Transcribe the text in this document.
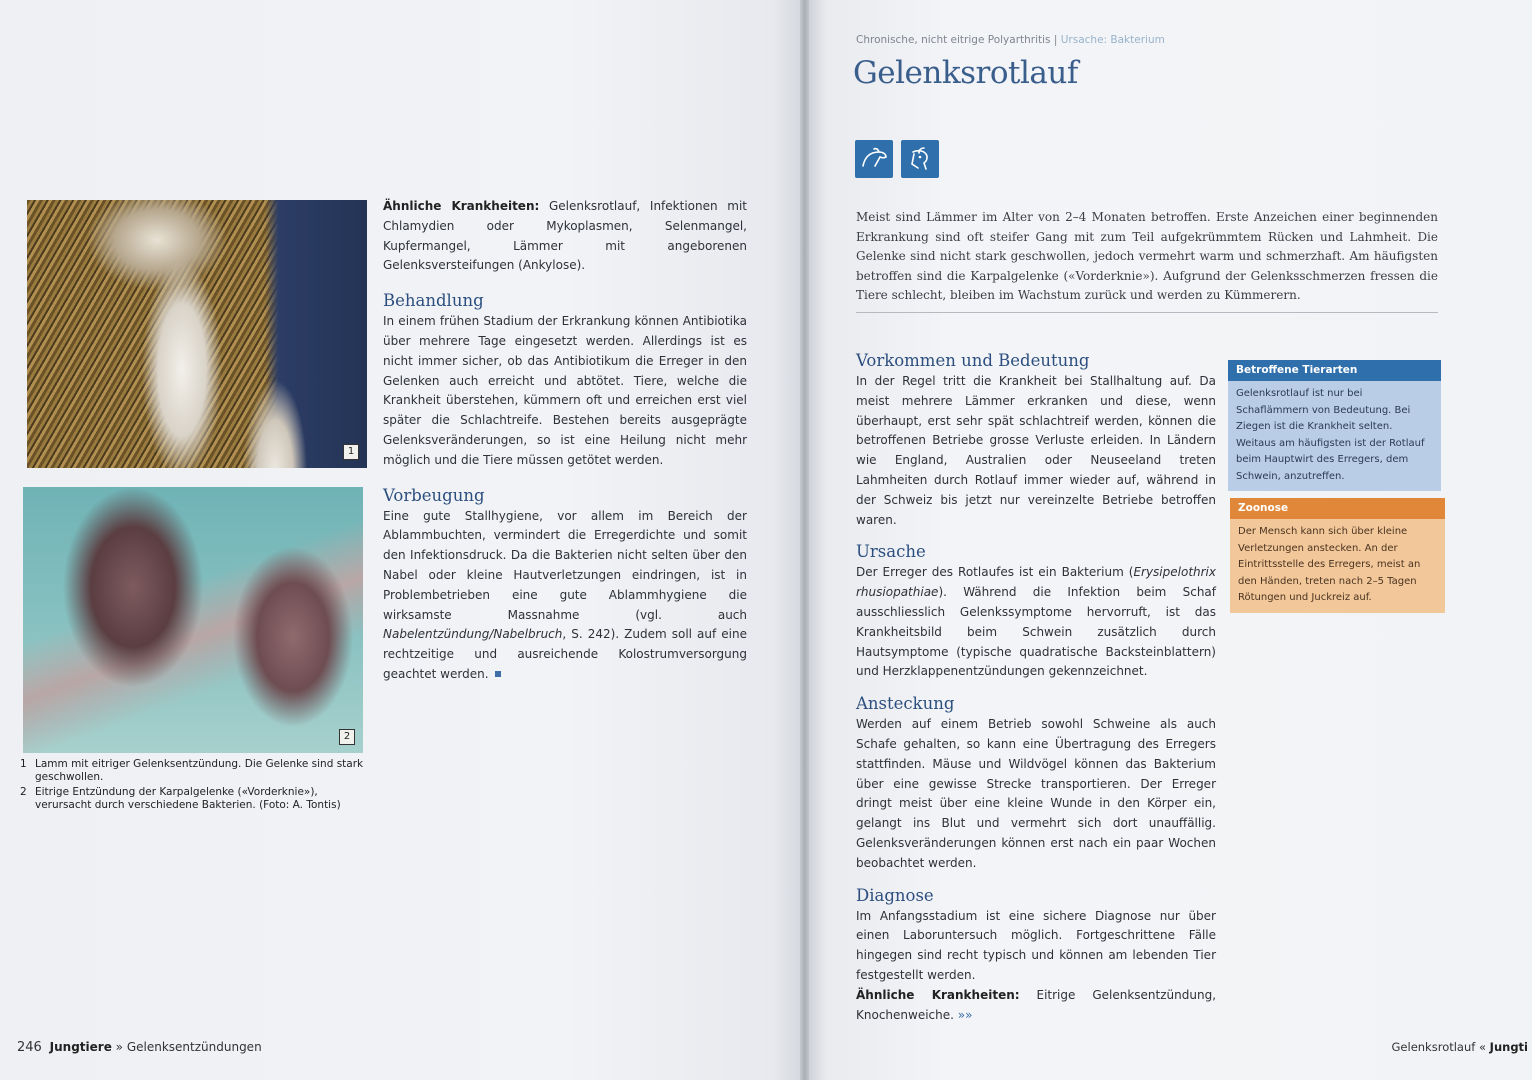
1
2
1 Lamm mit eitriger Gelenksentzündung. Die Gelenke sind stark geschwollen.
2 Eitrige Entzündung der Karpalgelenke («Vorderknie»), verursacht durch verschiedene Bakterien. (Foto: A. Tontis)

Ähnliche Krankheiten: Gelenksrotlauf, Infektionen mit Chlamydien oder Mykoplasmen, Selenmangel, Kupfermangel, Lämmer mit angeborenen Gelenksversteifungen (Ankylose).

Behandlung

In einem frühen Stadium der Erkrankung können Antibiotika über mehrere Tage eingesetzt werden. Allerdings ist es nicht immer sicher, ob das Antibiotikum die Erreger in den Gelenken auch erreicht und abtötet. Tiere, welche die Krankheit überstehen, kümmern oft und erreichen erst viel später die Schlachtreife. Bestehen bereits ausgeprägte Gelenksveränderungen, so ist eine Heilung nicht mehr möglich und die Tiere müssen getötet werden.

Vorbeugung

Eine gute Stallhygiene, vor allem im Bereich der Ablammbuchten, vermindert die Erregerdichte und somit den Infektionsdruck. Da die Bakterien nicht selten über den Nabel oder kleine Hautverletzungen eindringen, ist in Problembetrieben eine gute Ablammhygiene die wirksamste Massnahme (vgl. auch Nabelentzündung/Nabelbruch, S. 242). Zudem soll auf eine rechtzeitige und ausreichende Kolostrumversorgung geachtet werden.

246 Jungtiere » Gelenksentzündungen
Chronische, nicht eitrige Polyarthritis | Ursache: Bakterium
Gelenksrotlauf

Meist sind Lämmer im Alter von 2–4 Monaten betroffen. Erste Anzeichen einer beginnenden Erkrankung sind oft steifer Gang mit zum Teil aufgekrümmtem Rücken und Lahmheit. Die Gelenke sind nicht stark geschwollen, jedoch vermehrt warm und schmerzhaft. Am häufigsten betroffen sind die Karpalgelenke («Vorderknie»). Aufgrund der Gelenksschmerzen fressen die Tiere schlecht, bleiben im Wachstum zurück und werden zu Kümmerern.

Vorkommen und Bedeutung

In der Regel tritt die Krankheit bei Stallhaltung auf. Da meist mehrere Lämmer erkranken und diese, wenn überhaupt, erst sehr spät schlachtreif werden, können die betroffenen Betriebe grosse Verluste erleiden. In Ländern wie England, Australien oder Neuseeland treten Lahmheiten durch Rotlauf immer wieder auf, während in der Schweiz bis jetzt nur vereinzelte Betriebe betroffen waren.

Ursache

Der Erreger des Rotlaufes ist ein Bakterium (Erysipelothrix rhusiopathiae). Während die Infektion beim Schaf ausschliesslich Gelenkssymptome hervorruft, ist das Krankheitsbild beim Schwein zusätzlich durch Hautsymptome (typische quadratische Backsteinblattern) und Herzklappenentzündungen gekennzeichnet.

Ansteckung

Werden auf einem Betrieb sowohl Schweine als auch Schafe gehalten, so kann eine Übertragung des Erregers stattfinden. Mäuse und Wildvögel können das Bakterium über eine gewisse Strecke transportieren. Der Erreger dringt meist über eine kleine Wunde in den Körper ein, gelangt ins Blut und vermehrt sich dort unauffällig. Gelenksveränderungen können erst nach ein paar Wochen beobachtet werden.

Diagnose

Im Anfangsstadium ist eine sichere Diagnose nur über einen Laboruntersuch möglich. Fortgeschrittene Fälle hingegen sind recht typisch und können am lebenden Tier festgestellt werden.

Ähnliche Krankheiten: Eitrige Gelenksentzündung, Knochenweiche. »»

Betroffene Tierarten
Gelenksrotlauf ist nur bei Schaflämmern von Bedeutung. Bei Ziegen ist die Krankheit selten. Weitaus am häufigsten ist der Rotlauf beim Hauptwirt des Erregers, dem Schwein, anzutreffen.
Zoonose
Der Mensch kann sich über kleine Verletzungen anstecken. An der Eintrittsstelle des Erregers, meist an den Händen, treten nach 2–5 Tagen Rötungen und Juckreiz auf.
Gelenksrotlauf « Jungti
